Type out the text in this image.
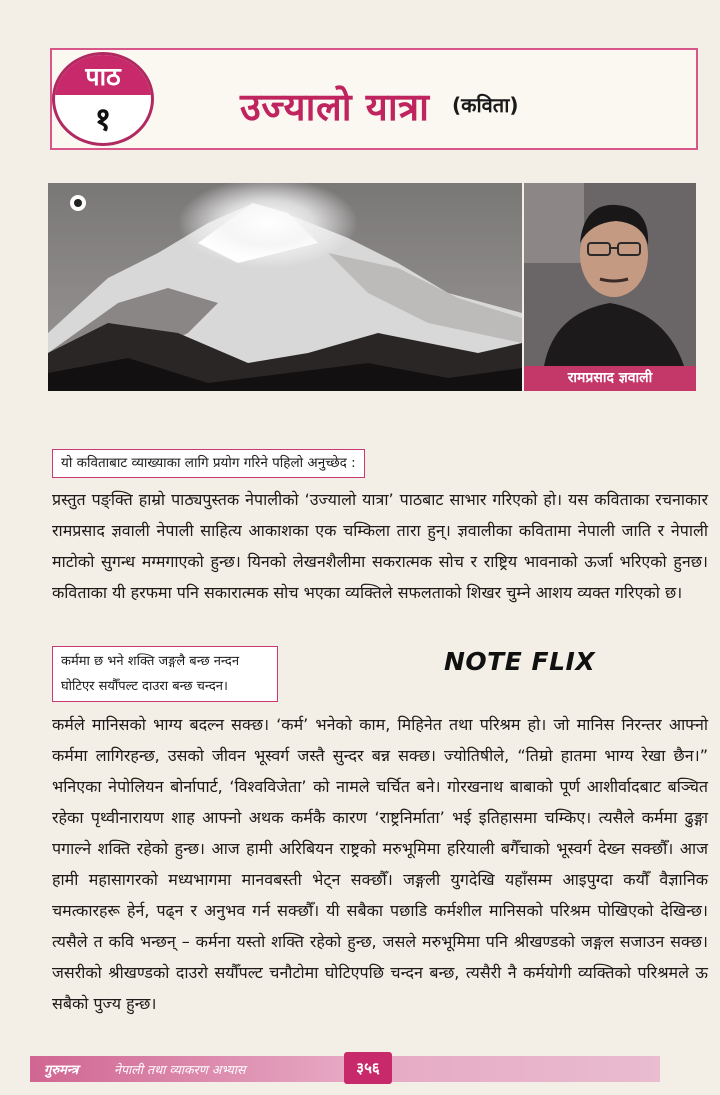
पाठ
१	उज्यालो यात्रा (कविता)
रामप्रसाद ज्ञवाली
यो कविताबाट व्याख्याका लागि प्रयोग गरिने पहिलो अनुच्छेद :

प्रस्तुत पङ्क्ति हाम्रो पाठ्यपुस्तक नेपालीको ‘उज्यालो यात्रा’ पाठबाट साभार गरिएको हो। यस कविताका रचनाकार रामप्रसाद ज्ञवाली नेपाली साहित्य आकाशका एक चम्किला तारा हुन्। ज्ञवालीका कवितामा नेपाली जाति र नेपाली माटोको सुगन्ध मग्मगाएको हुन्छ। यिनको लेखनशैलीमा सकरात्मक सोच र राष्ट्रिय भावनाको ऊर्जा भरिएको हुनछ। कविताका यी हरफमा पनि सकारात्मक सोच भएका व्यक्तिले सफलताको शिखर चुम्ने आशय व्यक्त गरिएको छ।

कर्ममा छ भने शक्ति जङ्गलै बन्छ नन्दन
घोटिएर सयौँपल्ट दाउरा बन्छ चन्दन।
NOTE FLIX

कर्मले मानिसको भाग्य बदल्न सक्छ। ‘कर्म’ भनेको काम, मिहिनेत तथा परिश्रम हो। जो मानिस निरन्तर आफ्नो कर्ममा लागिरहन्छ, उसको जीवन भूस्वर्ग जस्तै सुन्दर बन्न सक्छ। ज्योतिषीले, “तिम्रो हातमा भाग्य रेखा छैन।” भनिएका नेपोलियन बोर्नापार्ट, ‘विश्वविजेता’ को नामले चर्चित बने। गोरखनाथ बाबाको पूर्ण आशीर्वादबाट बञ्चित रहेका पृथ्वीनारायण शाह आफ्नो अथक कर्मकै कारण ‘राष्ट्रनिर्माता’ भई इतिहासमा चम्किए। त्यसैले कर्ममा ढुङ्गा पगाल्ने शक्ति रहेको हुन्छ। आज हामी अरिबियन राष्ट्रको मरुभूमिमा हरियाली बगैँचाको भूस्वर्ग देख्न सक्छौँ। आज हामी महासागरको मध्यभागमा मानवबस्ती भेट्न सक्छौँ। जङ्गली युगदेखि यहाँसम्म आइपुग्दा कयौँ वैज्ञानिक चमत्कारहरू हेर्न, पढ्न र अनुभव गर्न सक्छौँ। यी सबैका पछाडि कर्मशील मानिसको परिश्रम पोखिएको देखिन्छ। त्यसैले त कवि भन्छन् – कर्मना यस्तो शक्ति रहेको हुन्छ, जसले मरुभूमिमा पनि श्रीखण्डको जङ्गल सजाउन सक्छ। जसरीको श्रीखण्डको दाउरो सयौँपल्ट चनौटोमा घोटिएपछि चन्दन बन्छ, त्यसैरी नै कर्मयोगी व्यक्तिको परिश्रमले ऊ सबैको पुज्य हुन्छ।

गुरुमन्त्र	नेपाली तथा व्याकरण अभ्यास	३५६
